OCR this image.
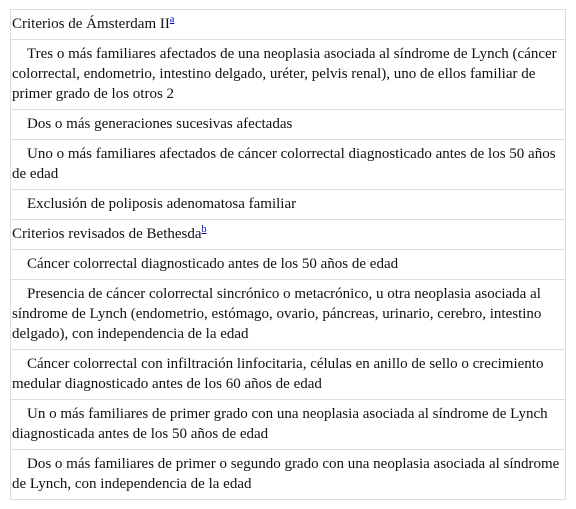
Criterios de Ámsterdam II$^a$
Tres o más familiares afectados de una neoplasia asociada al síndrome de Lynch (cáncer colorrectal, endometrio, intestino delgado, uréter, pelvis renal), uno de ellos familiar de primer grado de los otros 2
Dos o más generaciones sucesivas afectadas
Uno o más familiares afectados de cáncer colorrectal diagnosticado antes de los 50 años de edad
Exclusión de poliposis adenomatosa familiar
Criterios revisados de Bethesda$^b$
Cáncer colorrectal diagnosticado antes de los 50 años de edad
Presencia de cáncer colorrectal sincrónico o metacrónico, u otra neoplasia asociada al síndrome de Lynch (endometrio, estómago, ovario, páncreas, urinario, cerebro, intestino delgado), con independencia de la edad
Cáncer colorrectal con infiltración linfocitaria, células en anillo de sello o crecimiento medular diagnosticado antes de los 60 años de edad
Un o más familiares de primer grado con una neoplasia asociada al síndrome de Lynch diagnosticada antes de los 50 años de edad
Dos o más familiares de primer o segundo grado con una neoplasia asociada al síndrome de Lynch, con independencia de la edad
